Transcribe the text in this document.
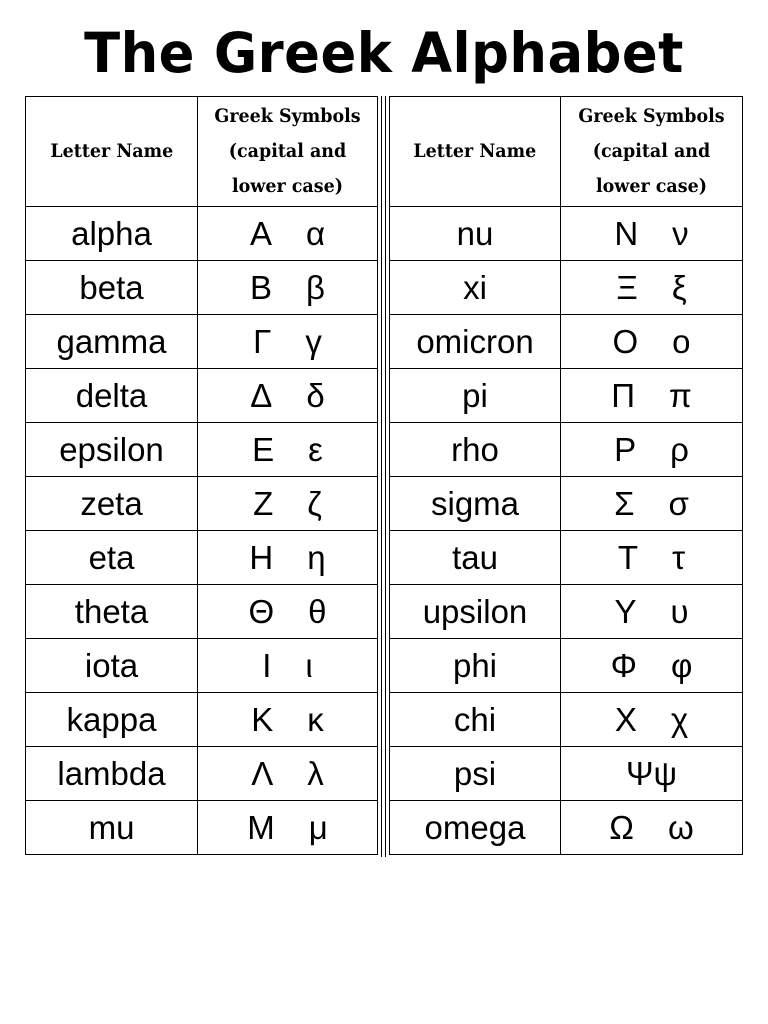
The Greek Alphabet
Letter Name	Greek Symbols (capital and lower case)
alpha	Α α
beta	Β β
gamma	Γ γ
delta	Δ δ
epsilon	Ε ε
zeta	Ζ ζ
eta	Η η
theta	Θ θ
iota	Ι ι
kappa	Κ κ
lambda	Λ λ
mu	Μ μ
Letter Name	Greek Symbols (capital and lower case)
nu	Ν ν
xi	Ξ ξ
omicron	Ο ο
pi	Π π
rho	Ρ ρ
sigma	Σ σ
tau	Τ τ
upsilon	Υ υ
phi	Φ φ
chi	Χ χ
psi	Ψψ
omega	Ω ω
